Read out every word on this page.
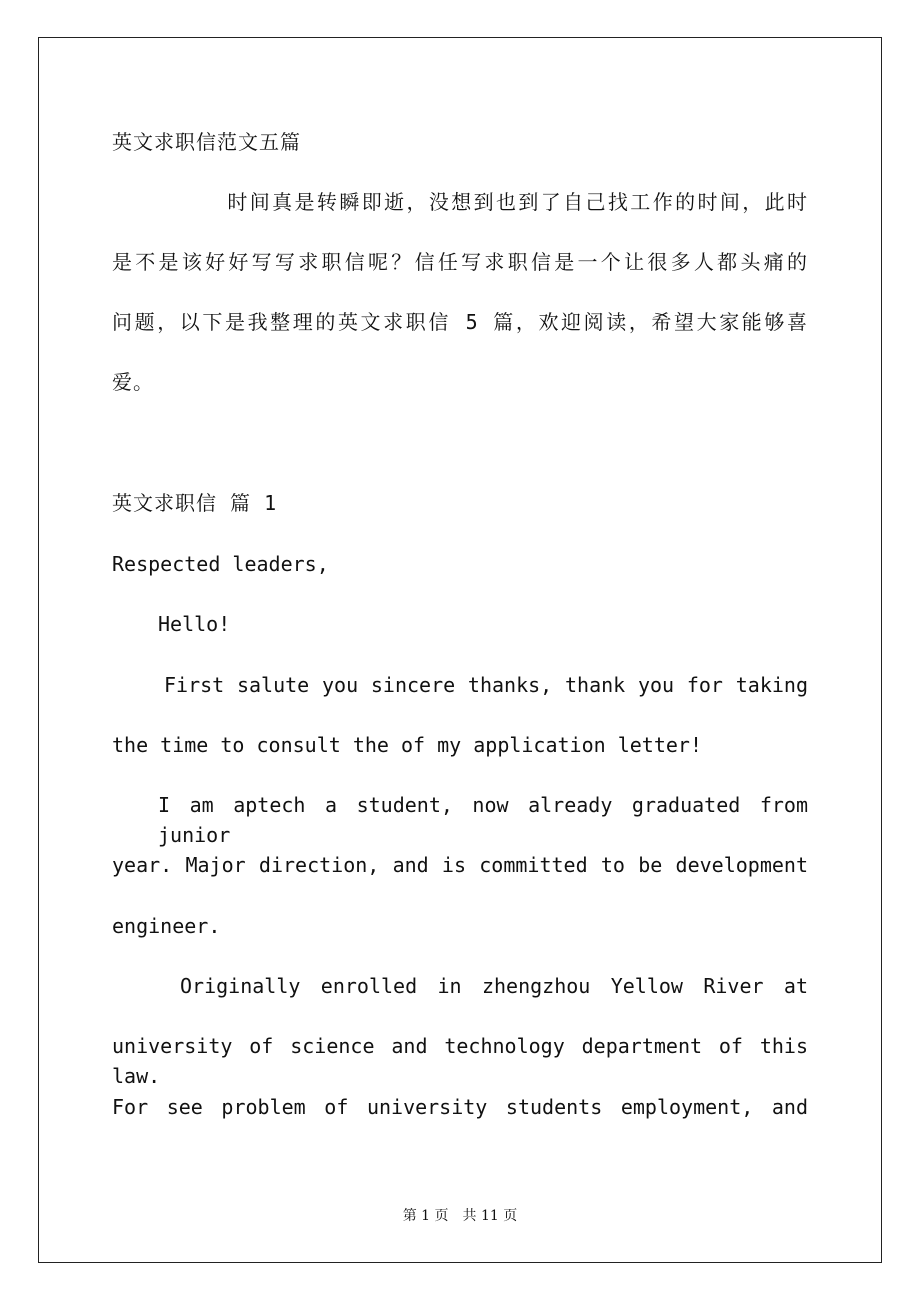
英文求职信范文五篇
时间真是转瞬即逝，没想到也到了自己找工作的时间，此时
是不是该好好写写求职信呢？信任写求职信是一个让很多人都头痛的
问题，以下是我整理的英文求职信 5 篇，欢迎阅读，希望大家能够喜
爱。
英文求职信 篇 1
Respected leaders,
Hello!
First salute you sincere thanks, thank you for taking
the time to consult the of my application letter!
I am aptech a student, now already graduated from junior
year. Major direction, and is committed to be development
engineer.
Originally enrolled in zhengzhou Yellow River at
university of science and technology department of this law.
For see problem of university students employment, and
第 1 页　共 11 页
